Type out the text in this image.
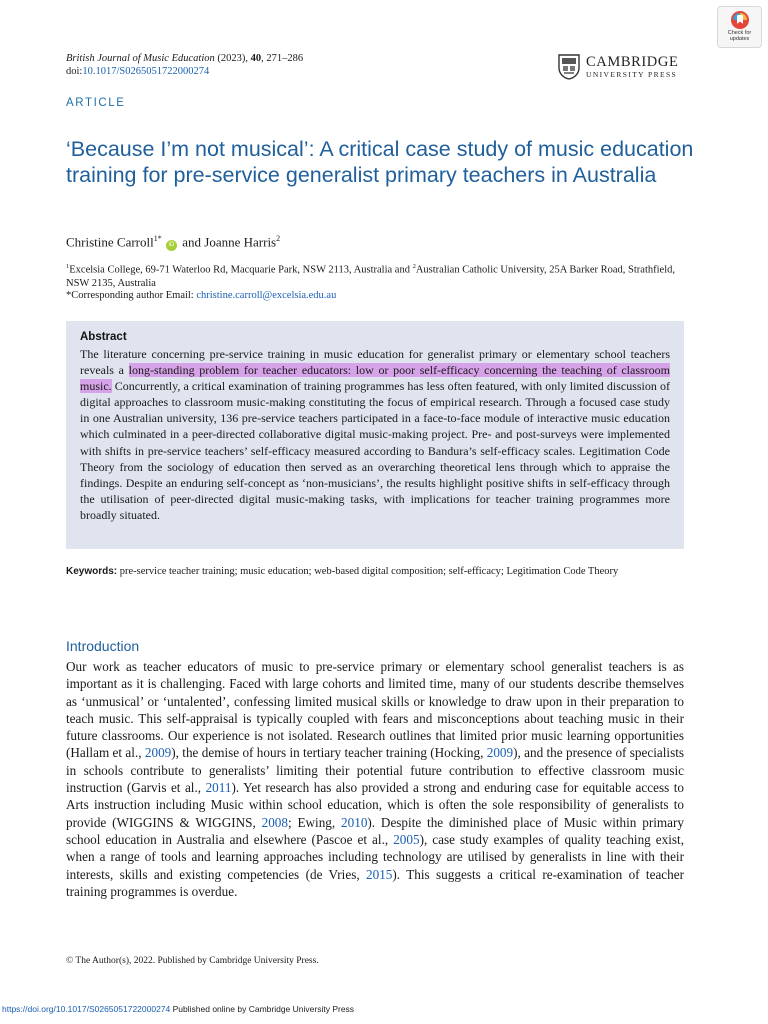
British Journal of Music Education (2023), 40, 271–286
doi:10.1017/S0265051722000274
CAMBRIDGE
UNIVERSITY PRESS
Check for updates
ARTICLE
‘Because I’m not musical’: A critical case study of music education training for pre-service generalist primary teachers in Australia
Christine Carroll$^{1*}$ iD and Joanne Harris$^2$
$^1$Excelsia College, 69-71 Waterloo Rd, Macquarie Park, NSW 2113, Australia and $^2$Australian Catholic University, 25A Barker Road, Strathfield, NSW 2135, Australia
*Corresponding author Email: christine.carroll@excelsia.edu.au
Abstract
The literature concerning pre-service training in music education for generalist primary or elementary school teachers reveals a long-standing problem for teacher educators: low or poor self-efficacy concerning the teaching of classroom music. Concurrently, a critical examination of training programmes has less often featured, with only limited discussion of digital approaches to classroom music-making constituting the focus of empirical research. Through a focused case study in one Australian university, 136 pre-service teachers participated in a face-to-face module of interactive music education which culminated in a peer-directed collaborative digital music-making project. Pre- and post-surveys were implemented with shifts in pre-service teachers’ self-efficacy measured according to Bandura’s self-efficacy scales. Legitimation Code Theory from the sociology of education then served as an overarching theoretical lens through which to appraise the findings. Despite an enduring self-concept as ‘non-musicians’, the results highlight positive shifts in self-efficacy through the utilisation of peer-directed digital music-making tasks, with implications for teacher training programmes more broadly situated.
Keywords: pre-service teacher training; music education; web-based digital composition; self-efficacy; Legitimation Code Theory
Introduction

Our work as teacher educators of music to pre-service primary or elementary school generalist teachers is as important as it is challenging. Faced with large cohorts and limited time, many of our students describe themselves as ‘unmusical’ or ‘untalented’, confessing limited musical skills or knowledge to draw upon in their preparation to teach music. This self-appraisal is typically coupled with fears and misconceptions about teaching music in their future classrooms. Our experience is not isolated. Research outlines that limited prior music learning opportunities (Hallam et al., 2009), the demise of hours in tertiary teacher training (Hocking, 2009), and the presence of specialists in schools contribute to generalists’ limiting their potential future contribution to effective classroom music instruction (Garvis et al., 2011). Yet research has also provided a strong and enduring case for equitable access to Arts instruction including Music within school education, which is often the sole responsibility of generalists to provide (WIGGINS & WIGGINS, 2008; Ewing, 2010). Despite the diminished place of Music within primary school education in Australia and elsewhere (Pascoe et al., 2005), case study examples of quality teaching exist, when a range of tools and learning approaches including technology are utilised by generalists in line with their interests, skills and existing competencies (de Vries, 2015). This suggests a critical re-examination of teacher training programmes is overdue.

© The Author(s), 2022. Published by Cambridge University Press.
https://doi.org/10.1017/S0265051722000274 Published online by Cambridge University Press
